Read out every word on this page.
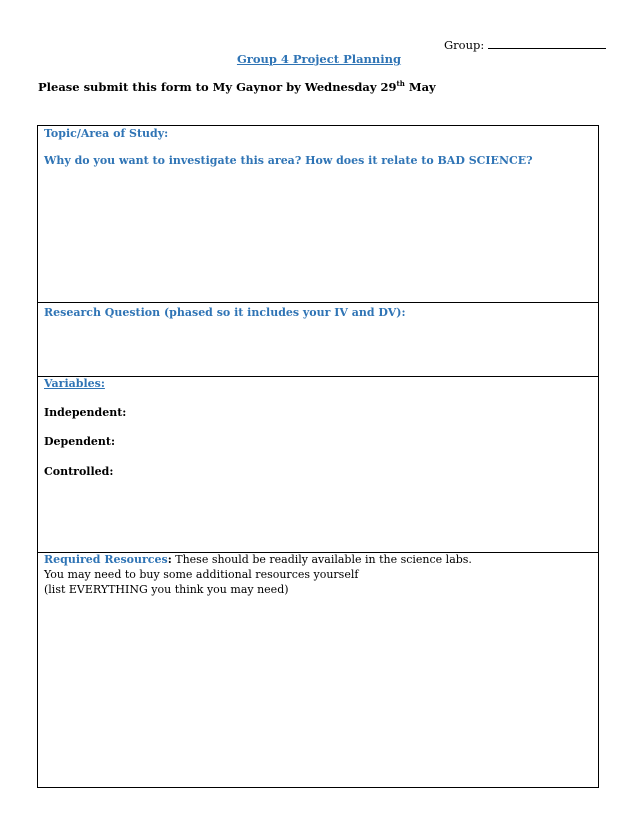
Group:
Group 4 Project Planning
Please submit this form to My Gaynor by Wednesday 29th May
Topic/Area of Study:
Why do you want to investigate this area? How does it relate to BAD SCIENCE?
Research Question (phased so it includes your IV and DV):
Variables:
Independent:
Dependent:
Controlled:
Required Resources: These should be readily available in the science labs.
You may need to buy some additional resources yourself
(list EVERYTHING you think you may need)
